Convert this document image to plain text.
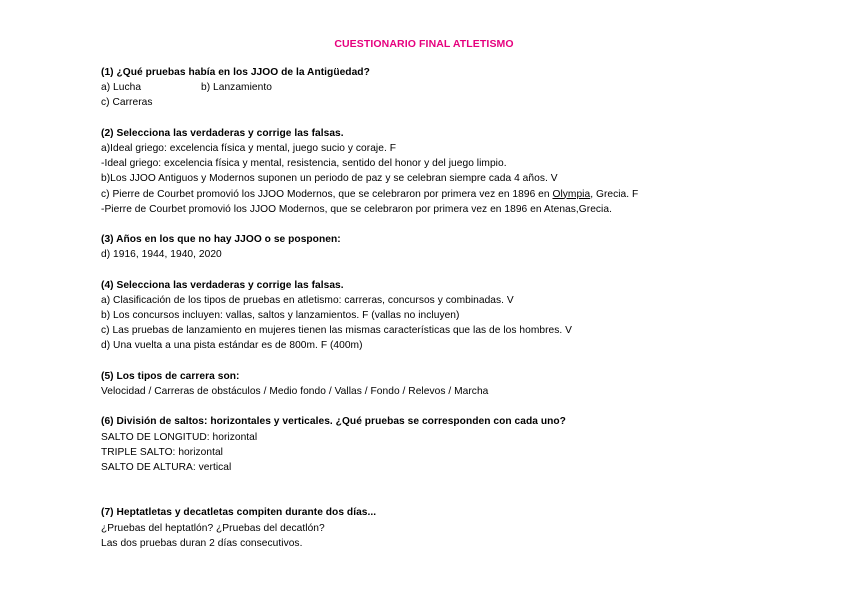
CUESTIONARIO FINAL ATLETISMO
(1) ¿Qué pruebas había en los JJOO de la Antigüedad?
a) Lucha	b) Lanzamiento
c) Carreras
(2) Selecciona las verdaderas y corrige las falsas.
a)Ideal griego: excelencia física y mental, juego sucio y coraje. F
-Ideal griego: excelencia física y mental, resistencia, sentido del honor y del juego limpio.
b)Los JJOO Antiguos y Modernos suponen un periodo de paz y se celebran siempre cada 4 años. V
c) Pierre de Courbet promovió los JJOO Modernos, que se celebraron por primera vez en 1896 en Olympia, Grecia. F
-Pierre de Courbet promovió los JJOO Modernos, que se celebraron por primera vez en 1896 en Atenas,Grecia.
(3) Años en los que no hay JJOO o se posponen:
d) 1916, 1944, 1940, 2020
(4) Selecciona las verdaderas y corrige las falsas.
a) Clasificación de los tipos de pruebas en atletismo: carreras, concursos y combinadas. V
b) Los concursos incluyen: vallas, saltos y lanzamientos. F (vallas no incluyen)
c) Las pruebas de lanzamiento en mujeres tienen las mismas características que las de los hombres. V
d) Una vuelta a una pista estándar es de 800m. F (400m)
(5) Los tipos de carrera son:
Velocidad / Carreras de obstáculos / Medio fondo / Vallas / Fondo / Relevos / Marcha
(6) División de saltos: horizontales y verticales. ¿Qué pruebas se corresponden con cada uno?
SALTO DE LONGITUD: horizontal
TRIPLE SALTO: horizontal
SALTO DE ALTURA: vertical
(7) Heptatletas y decatletas compiten durante dos días...
¿Pruebas del heptatlón? ¿Pruebas del decatlón?
Las dos pruebas duran 2 días consecutivos.
